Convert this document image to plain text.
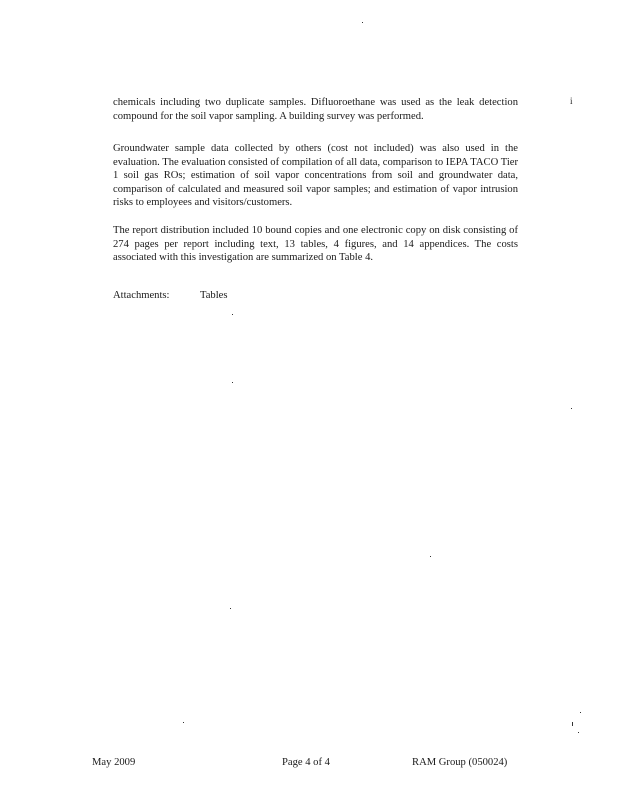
i

chemicals including two duplicate samples. Difluoroethane was used as the leak detection compound for the soil vapor sampling. A building survey was performed.

Groundwater sample data collected by others (cost not included) was also used in the evaluation. The evaluation consisted of compilation of all data, comparison to IEPA TACO Tier 1 soil gas ROs; estimation of soil vapor concentrations from soil and groundwater data, comparison of calculated and measured soil vapor samples; and estimation of vapor intrusion risks to employees and visitors/customers.

The report distribution included 10 bound copies and one electronic copy on disk consisting of 274 pages per report including text, 13 tables, 4 figures, and 14 appendices. The costs associated with this investigation are summarized on Table 4.

Attachments:	Tables
May 2009	Page 4 of 4	RAM Group (050024)
